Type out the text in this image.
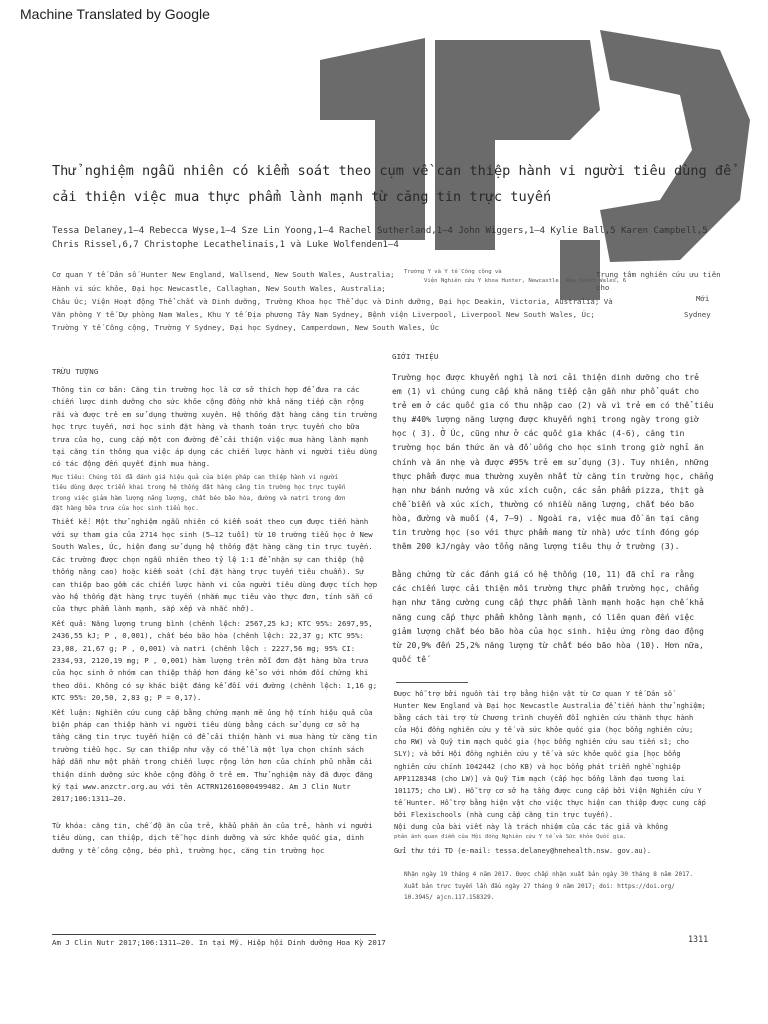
Machine Translated by Google
Thử nghiệm ngẫu nhiên có kiểm soát theo cụm về can thiệp hành vi người tiêu dùng để cải thiện việc mua thực phẩm lành mạnh từ căng tin trực tuyến
Tessa Delaney,1–4 Rebecca Wyse,1–4 Sze Lin Yoong,1–4 Rachel Sutherland,1–4 John Wiggers,1–4 Kylie Ball,5 Karen Campbell,5 Chris Rissel,6,7 Christophe Lecathelinais,1 và Luke Wolfenden1–4
Cơ quan Y tế Dân số Hunter New England, Wallsend, New South Wales, Australia; Trường Y và Y tế Công cộng và	Trung tâm nghiên cứu ưu tiên cho
Viện Nghiên cứu Y khoa Hunter, Newcastle, New South Wales, 6
Hành vi sức khỏe, Đại học Newcastle, Callaghan, New South Wales, Australia;
Châu Úc; Viện Hoạt động Thể chất và Dinh dưỡng, Trường Khoa học Thể dục và Dinh dưỡng, Đại học Deakin, Victoria, Australia; Và	Mới
Văn phòng Y tế Dự phòng Nam Wales, Khu Y tế Địa phương Tây Nam Sydney, Bệnh viện Liverpool, Liverpool New South Wales, Úc;	Sydney
Trường Y tế Công cộng, Trường Y Sydney, Đại học Sydney, Camperdown, New South Wales, Úc
TRỪU TƯỢNG

Thông tin cơ bản: Căng tin trường học là cơ sở thích hợp để đưa ra các
chiến lược dinh dưỡng cho sức khỏe cộng đồng nhờ khả năng tiếp cận rộng
rãi và được trẻ em sử dụng thường xuyên. Hệ thống đặt hàng căng tin trường
học trực tuyến, nơi học sinh đặt hàng và thanh toán trực tuyến cho bữa
trưa của họ, cung cấp một con đường để cải thiện việc mua hàng lành mạnh
tại căng tin thông qua việc áp dụng các chiến lược hành vi người tiêu dùng
có tác động đến quyết định mua hàng.

Mục tiêu: Chúng tôi đã đánh giá hiệu quả của biện pháp can thiệp hành vi người
tiêu dùng được triển khai trong hệ thống đặt hàng căng tin trường học trực tuyến
trong việc giảm hàm lượng năng lượng, chất béo bão hòa, đường và natri trong đơn
đặt hàng bữa trưa của học sinh tiểu học.

Thiết kế: Một thử nghiệm ngẫu nhiên có kiểm soát theo cụm được tiến hành
với sự tham gia của 2714 học sinh (5–12 tuổi) từ 10 trường tiểu học ở New
South Wales, Úc, hiện đang sử dụng hệ thống đặt hàng căng tin trực tuyến.
Các trường được chọn ngẫu nhiên theo tỷ lệ 1:1 để nhận sự can thiệp (hệ
thống nâng cao) hoặc kiểm soát (chỉ đặt hàng trực tuyến tiêu chuẩn). Sự
can thiệp bao gồm các chiến lược hành vi của người tiêu dùng được tích hợp
vào hệ thống đặt hàng trực tuyến (nhắm mục tiêu vào thực đơn, tính sẵn có
của thực phẩm lành mạnh, sắp xếp và nhắc nhở).

Kết quả: Năng lượng trung bình (chênh lệch: 2567,25 kJ; KTC 95%: 2697,95,
2436,55 kJ; P , 0,001), chất béo bão hòa (chênh lệch: 22,37 g; KTC 95%:
23,08, 21,67 g; P , 0,001) và natri (chênh lệch : 2227,56 mg; 95% CI:
2334,93, 2120,19 mg; P , 0,001) hàm lượng trên mỗi đơn đặt hàng bữa trưa
của học sinh ở nhóm can thiệp thấp hơn đáng kể so với nhóm đối chứng khi
theo dõi. Không có sự khác biệt đáng kể đối với đường (chênh lệch: 1,16 g;
KTC 95%: 20,50, 2,83 g; P = 0,17).

Kết luận: Nghiên cứu cung cấp bằng chứng mạnh mẽ ủng hộ tính hiệu quả của
biện pháp can thiệp hành vi người tiêu dùng bằng cách sử dụng cơ sở hạ
tầng căng tin trực tuyến hiện có để cải thiện hành vi mua hàng từ căng tin
trường tiểu học. Sự can thiệp như vậy có thể là một lựa chọn chính sách
hấp dẫn như một phần trong chiến lược rộng lớn hơn của chính phủ nhằm cải
thiện dinh dưỡng sức khỏe cộng đồng ở trẻ em. Thử nghiệm này đã được đăng
ký tại www.anzctr.org.au với tên ACTRN12616000499482. Am J Clin Nutr
2017;106:1311–20.

Từ khóa: căng tin, chế độ ăn của trẻ, khẩu phần ăn của trẻ, hành vi người
tiêu dùng, can thiệp, dịch tễ học dinh dưỡng và sức khỏe quốc gia, dinh
dưỡng y tế công cộng, béo phì, trường học, căng tin trường học

GIỚI THIỆU

Trường học được khuyến nghị là nơi cải thiện dinh dưỡng cho trẻ
em (1) vì chúng cung cấp khả năng tiếp cận gần như phổ quát cho
trẻ em ở các quốc gia có thu nhập cao (2) và vì trẻ em có thể tiêu
thụ #40% lượng năng lượng được khuyến nghị trong ngày trong giờ
học ( 3). Ở Úc, cũng như ở các quốc gia khác (4-6), căng tin
trường học bán thức ăn và đồ uống cho học sinh trong giờ nghỉ ăn
chính và ăn nhẹ và được #95% trẻ em sử dụng (3). Tuy nhiên, những
thực phẩm được mua thường xuyên nhất từ căng tin trường học, chẳng
hạn như bánh nướng và xúc xích cuộn, các sản phẩm pizza, thịt gà
chế biến và xúc xích, thường có nhiều năng lượng, chất béo bão
hòa, đường và muối (4, 7–9) . Ngoài ra, việc mua đồ ăn tại căng
tin trường học (so với thực phẩm mang từ nhà) ước tính đóng góp
thêm 200 kJ/ngày vào tổng năng lượng tiêu thụ ở trường (3).

Bằng chứng từ các đánh giá có hệ thống (10, 11) đã chỉ ra rằng
các chiến lược cải thiện môi trường thực phẩm trường học, chẳng
hạn như tăng cường cung cấp thực phẩm lành mạnh hoặc hạn chế khả
năng cung cấp thực phẩm không lành mạnh, có liên quan đến việc
giảm lượng chất béo bão hòa của học sinh. hiệu ứng ròng dao động
từ 20,9% đến 25,2% năng lượng từ chất béo bão hòa (10). Hơn nữa, quốc tế

Được hỗ trợ bởi nguồn tài trợ bằng hiện vật từ Cơ quan Y tế Dân số
Hunter New England và Đại học Newcastle Australia để tiến hành thử nghiệm;
bằng cách tài trợ từ Chương trình chuyển đổi nghiên cứu thành thực hành
của Hội đồng nghiên cứu y tế và sức khỏe quốc gia (học bổng nghiên cứu;
cho RW) và Quỹ tim mạch quốc gia (học bổng nghiên cứu sau tiến sĩ; cho
SLY); và bởi Hội đồng nghiên cứu y tế và sức khỏe quốc gia [học bổng
nghiên cứu chính 1042442 (cho KB) và học bổng phát triển nghề nghiệp
APP1128348 (cho LW)] và Quỹ Tim mạch (cấp học bổng lãnh đạo tương lai
101175; cho LW). Hỗ trợ cơ sở hạ tầng được cung cấp bởi Viện Nghiên cứu Y
tế Hunter. Hỗ trợ bằng hiện vật cho việc thực hiện can thiệp được cung cấp
bởi Flexischools (nhà cung cấp căng tin trực tuyến).

Nội dung của bài viết này là trách nhiệm của các tác giả và không

phản ánh quan điểm của Hội đồng Nghiên cứu Y tế và Sức khỏe Quốc gia.

Gửi thư tới TD (e-mail: tessa.delaney@hnehealth.nsw. gov.au).

Nhận ngày 19 tháng 4 năm 2017. Được chấp nhận xuất bản ngày 30 tháng 8 năm 2017.
Xuất bản trực tuyến lần đầu ngày 27 tháng 9 năm 2017; doi: https://doi.org/
10.3945/ ajcn.117.158329.

Am J Clin Nutr 2017;106:1311–20. In tại Mỹ. Hiệp hội Dinh dưỡng Hoa Kỳ 2017	1311
